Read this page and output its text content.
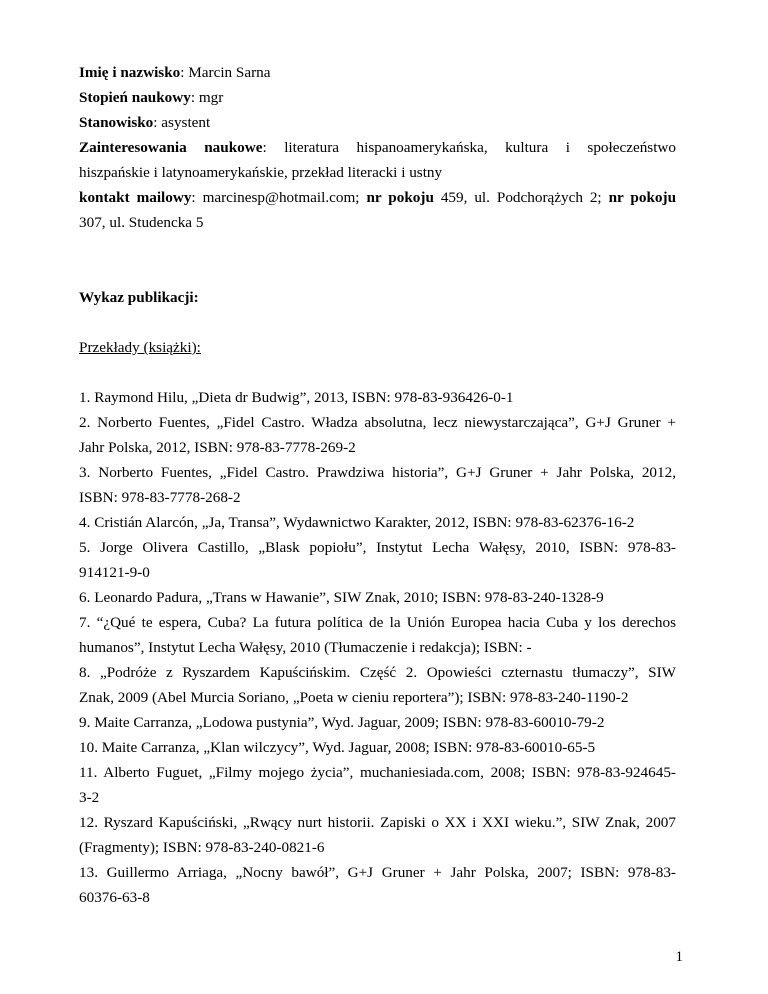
Imię i nazwisko: Marcin Sarna
Stopień naukowy: mgr
Stanowisko: asystent
Zainteresowania naukowe: literatura hispanoamerykańska, kultura i społeczeństwo
hiszpańskie i latynoamerykańskie, przekład literacki i ustny
kontakt mailowy: marcinesp@hotmail.com; nr pokoju 459, ul. Podchorążych 2; nr pokoju
307, ul. Studencka 5
Wykaz publikacji:
Przekłady (książki):
1. Raymond Hilu, „Dieta dr Budwig”, 2013, ISBN: 978-83-936426-0-1
2. Norberto Fuentes, „Fidel Castro. Władza absolutna, lecz niewystarczająca”, G+J Gruner +
Jahr Polska, 2012, ISBN: 978-83-7778-269-2
3. Norberto Fuentes, „Fidel Castro. Prawdziwa historia”, G+J Gruner + Jahr Polska, 2012,
ISBN: 978-83-7778-268-2
4. Cristián Alarcón, „Ja, Transa”, Wydawnictwo Karakter, 2012, ISBN: 978-83-62376-16-2
5. Jorge Olivera Castillo, „Blask popiołu”, Instytut Lecha Wałęsy, 2010, ISBN: 978-83-
914121-9-0
6. Leonardo Padura, „Trans w Hawanie”, SIW Znak, 2010; ISBN: 978-83-240-1328-9
7. “¿Qué te espera, Cuba? La futura política de la Unión Europea hacia Cuba y los derechos
humanos”, Instytut Lecha Wałęsy, 2010 (Tłumaczenie i redakcja); ISBN: -
8. „Podróże z Ryszardem Kapuścińskim. Część 2. Opowieści czternastu tłumaczy”, SIW
Znak, 2009 (Abel Murcia Soriano, „Poeta w cieniu reportera”); ISBN: 978-83-240-1190-2
9. Maite Carranza, „Lodowa pustynia”, Wyd. Jaguar, 2009; ISBN: 978-83-60010-79-2
10. Maite Carranza, „Klan wilczycy”, Wyd. Jaguar, 2008; ISBN: 978-83-60010-65-5
11. Alberto Fuguet, „Filmy mojego życia”, muchaniesiada.com, 2008; ISBN: 978-83-924645-
3-2
12. Ryszard Kapuściński, „Rwący nurt historii. Zapiski o XX i XXI wieku.”, SIW Znak, 2007
(Fragmenty); ISBN: 978-83-240-0821-6
13. Guillermo Arriaga, „Nocny bawół”, G+J Gruner + Jahr Polska, 2007; ISBN: 978-83-
60376-63-8
1
